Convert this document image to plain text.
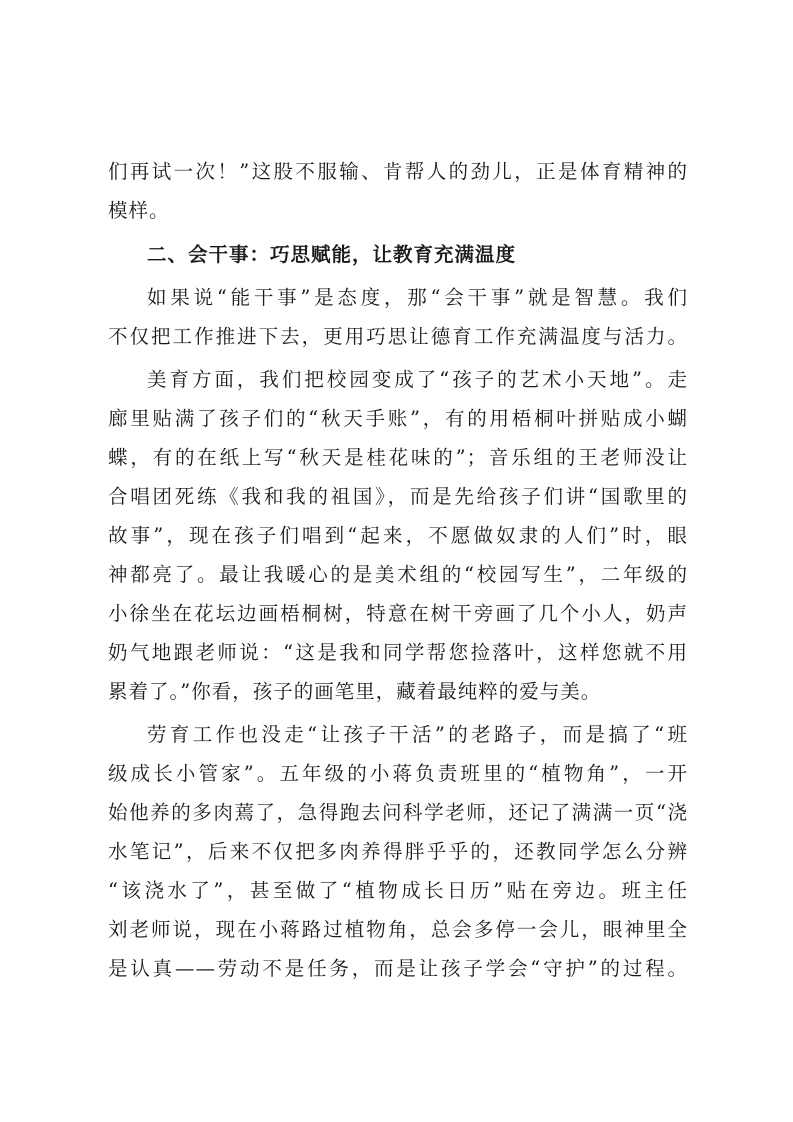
们再试一次！”这股不服输、肯帮人的劲儿，正是体育精神的
模样。
二、会干事：巧思赋能，让教育充满温度
如果说“能干事”是态度，那“会干事”就是智慧。我们
不仅把工作推进下去，更用巧思让德育工作充满温度与活力。
美育方面，我们把校园变成了“孩子的艺术小天地”。走
廊里贴满了孩子们的“秋天手账”，有的用梧桐叶拼贴成小蝴
蝶，有的在纸上写“秋天是桂花味的”；音乐组的王老师没让
合唱团死练《我和我的祖国》，而是先给孩子们讲“国歌里的
故事”，现在孩子们唱到“起来，不愿做奴隶的人们”时，眼
神都亮了。最让我暖心的是美术组的“校园写生”，二年级的
小徐坐在花坛边画梧桐树，特意在树干旁画了几个小人，奶声
奶气地跟老师说：“这是我和同学帮您捡落叶，这样您就不用
累着了。”你看，孩子的画笔里，藏着最纯粹的爱与美。
劳育工作也没走“让孩子干活”的老路子，而是搞了“班
级成长小管家”。五年级的小蒋负责班里的“植物角”，一开
始他养的多肉蔫了，急得跑去问科学老师，还记了满满一页“浇
水笔记”，后来不仅把多肉养得胖乎乎的，还教同学怎么分辨
“该浇水了”，甚至做了“植物成长日历”贴在旁边。班主任
刘老师说，现在小蒋路过植物角，总会多停一会儿，眼神里全
是认真——劳动不是任务，而是让孩子学会“守护”的过程。
